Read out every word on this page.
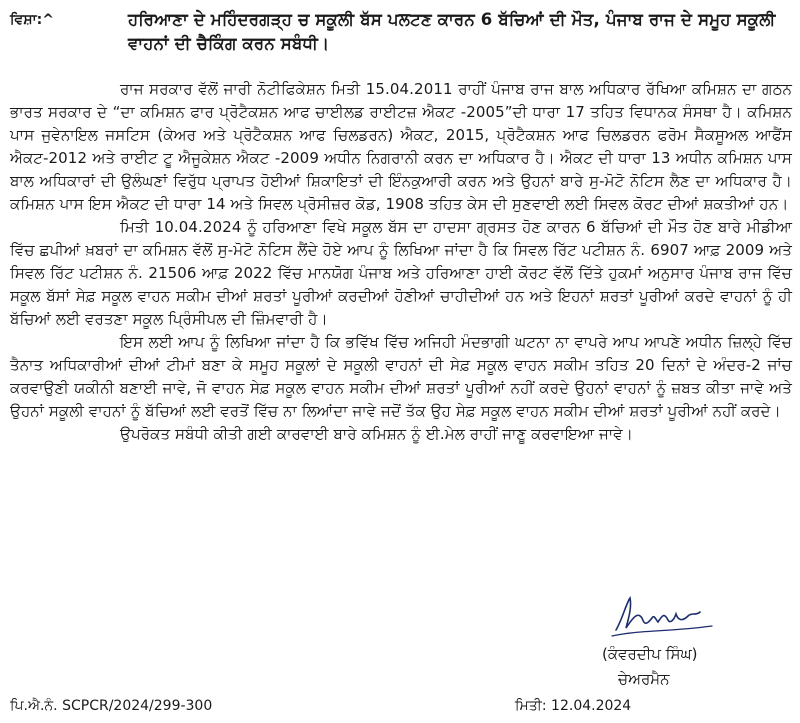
ਵਿਸ਼ਾ:^	ਹਰਿਆਣਾ ਦੇ ਮਹਿੰਦਰਗੜ੍ਹ ਚ ਸਕੂਲੀ ਬੱਸ ਪਲਟਣ ਕਾਰਨ 6 ਬੱਚਿਆਂ ਦੀ ਮੌਤ, ਪੰਜਾਬ ਰਾਜ ਦੇ ਸਮੂਹ ਸਕੂਲੀ ਵਾਹਨਾਂ ਦੀ ਚੈਕਿੰਗ ਕਰਨ ਸਬੰਧੀ।

ਰਾਜ ਸਰਕਾਰ ਵੱਲੋਂ ਜਾਰੀ ਨੋਟੀਫਿਕੇਸ਼ਨ ਮਿਤੀ 15.04.2011 ਰਾਹੀਂ ਪੰਜਾਬ ਰਾਜ ਬਾਲ ਅਧਿਕਾਰ ਰੱਖਿਆ ਕਮਿਸ਼ਨ ਦਾ ਗਠਨ ਭਾਰਤ ਸਰਕਾਰ ਦੇ “ਦਾ ਕਮਿਸ਼ਨ ਫਾਰ ਪ੍ਰੋਟੈਕਸ਼ਨ ਆਫ ਚਾਈਲਡ ਰਾਈਟਜ਼ ਐਕਟ -2005”ਦੀ ਧਾਰਾ 17 ਤਹਿਤ ਵਿਧਾਨਕ ਸੰਸਥਾ ਹੈ। ਕਮਿਸ਼ਨ ਪਾਸ ਜੁਵੇਨਾਇਲ ਜਸਟਿਸ (ਕੇਅਰ ਅਤੇ ਪ੍ਰੋਟੈਕਸ਼ਨ ਆਫ ਚਿਲਡਰਨ) ਐਕਟ, 2015, ਪ੍ਰੋਟੈਕਸ਼ਨ ਆਫ ਚਿਲਡਰਨ ਫਰੋਮ ਸੈਕਸੂਅਲ ਆਫੈਂਸ ਐਕਟ-2012 ਅਤੇ ਰਾਈਟ ਟੂ ਐਜੂਕੇਸ਼ਨ ਐਕਟ -2009 ਅਧੀਨ ਨਿਗਰਾਨੀ ਕਰਨ ਦਾ ਅਧਿਕਾਰ ਹੈ। ਐਕਟ ਦੀ ਧਾਰਾ 13 ਅਧੀਨ ਕਮਿਸ਼ਨ ਪਾਸ ਬਾਲ ਅਧਿਕਾਰਾਂ ਦੀ ਉਲੰਘਣਾਂ ਵਿਰੁੱਧ ਪ੍ਰਾਪਤ ਹੋਈਆਂ ਸ਼ਿਕਾਇਤਾਂ ਦੀ ਇੰਨਕੁਆਰੀ ਕਰਨ ਅਤੇ ਉਹਨਾਂ ਬਾਰੇ ਸੁ-ਮੋਟੋ ਨੋਟਿਸ ਲੈਣ ਦਾ ਅਧਿਕਾਰ ਹੈ। ਕਮਿਸ਼ਨ ਪਾਸ ਇਸ ਐਕਟ ਦੀ ਧਾਰਾ 14 ਅਤੇ ਸਿਵਲ ਪ੍ਰੋਸੀਜ਼ਰ ਕੋਡ, 1908 ਤਹਿਤ ਕੇਸ ਦੀ ਸੁਣਵਾਈ ਲਈ ਸਿਵਲ ਕੋਰਟ ਦੀਆਂ ਸ਼ਕਤੀਆਂ ਹਨ।

ਮਿਤੀ 10.04.2024 ਨੂੰ ਹਰਿਆਣਾ ਵਿਖੇ ਸਕੂਲ ਬੱਸ ਦਾ ਹਾਦਸਾ ਗ੍ਰਸਤ ਹੋਣ ਕਾਰਨ 6 ਬੱਚਿਆਂ ਦੀ ਮੌਤ ਹੋਣ ਬਾਰੇ ਮੀਡੀਆ ਵਿੱਚ ਛਪੀਆਂ ਖ਼ਬਰਾਂ ਦਾ ਕਮਿਸ਼ਨ ਵੱਲੋਂ ਸੁ-ਮੋਟੋ ਨੋਟਿਸ ਲੈਂਦੇ ਹੋਏ ਆਪ ਨੂੰ ਲਿਖਿਆ ਜਾਂਦਾ ਹੈ ਕਿ ਸਿਵਲ ਰਿੱਟ ਪਟੀਸ਼ਨ ਨੰ. 6907 ਆਫ਼ 2009 ਅਤੇ ਸਿਵਲ ਰਿੱਟ ਪਟੀਸ਼ਨ ਨੰ. 21506 ਆਫ਼ 2022 ਵਿੱਚ ਮਾਨਯੋਗ ਪੰਜਾਬ ਅਤੇ ਹਰਿਆਣਾ ਹਾਈ ਕੋਰਟ ਵੱਲੋਂ ਦਿੱਤੇ ਹੁਕਮਾਂ ਅਨੁਸਾਰ ਪੰਜਾਬ ਰਾਜ ਵਿੱਚ ਸਕੂਲ ਬੱਸਾਂ ਸੇਫ਼ ਸਕੂਲ ਵਾਹਨ ਸਕੀਮ ਦੀਆਂ ਸ਼ਰਤਾਂ ਪੂਰੀਆਂ ਕਰਦੀਆਂ ਹੋਣੀਆਂ ਚਾਹੀਦੀਆਂ ਹਨ ਅਤੇ ਇਹਨਾਂ ਸ਼ਰਤਾਂ ਪੂਰੀਆਂ ਕਰਦੇ ਵਾਹਨਾਂ ਨੂੰ ਹੀ ਬੱਚਿਆਂ ਲਈ ਵਰਤਣਾ ਸਕੂਲ ਪ੍ਰਿੰਸੀਪਲ ਦੀ ਜ਼ਿੰਮਵਾਰੀ ਹੈ।

ਇਸ ਲਈ ਆਪ ਨੂੰ ਲਿਖਿਆ ਜਾਂਦਾ ਹੈ ਕਿ ਭਵਿੱਖ ਵਿੱਚ ਅਜਿਹੀ ਮੰਦਭਾਗੀ ਘਟਨਾ ਨਾ ਵਾਪਰੇ ਆਪ ਆਪਣੇ ਅਧੀਨ ਜ਼ਿਲ੍ਹੇ ਵਿੱਚ ਤੈਨਾਤ ਅਧਿਕਾਰੀਆਂ ਦੀਆਂ ਟੀਮਾਂ ਬਣਾ ਕੇ ਸਮੂਹ ਸਕੂਲਾਂ ਦੇ ਸਕੂਲੀ ਵਾਹਨਾਂ ਦੀ ਸੇਫ਼ ਸਕੂਲ ਵਾਹਨ ਸਕੀਮ ਤਹਿਤ 20 ਦਿਨਾਂ ਦੇ ਅੰਦਰ-2 ਜਾਂਚ ਕਰਵਾਉਣੀ ਯਕੀਨੀ ਬਣਾਈ ਜਾਵੇ, ਜੋ ਵਾਹਨ ਸੇਫ਼ ਸਕੂਲ ਵਾਹਨ ਸਕੀਮ ਦੀਆਂ ਸ਼ਰਤਾਂ ਪੂਰੀਆਂ ਨਹੀਂ ਕਰਦੇ ਉਹਨਾਂ ਵਾਹਨਾਂ ਨੂੰ ਜ਼ਬਤ ਕੀਤਾ ਜਾਵੇ ਅਤੇ ਉਹਨਾਂ ਸਕੂਲੀ ਵਾਹਨਾਂ ਨੂੰ ਬੱਚਿਆਂ ਲਈ ਵਰਤੋਂ ਵਿੱਚ ਨਾ ਲਿਆਂਦਾ ਜਾਵੇ ਜਦੋਂ ਤੱਕ ਉਹ ਸੇਫ਼ ਸਕੂਲ ਵਾਹਨ ਸਕੀਮ ਦੀਆਂ ਸ਼ਰਤਾਂ ਪੂਰੀਆਂ ਨਹੀਂ ਕਰਦੇ।

ਉਪਰੋਕਤ ਸਬੰਧੀ ਕੀਤੀ ਗਈ ਕਾਰਵਾਈ ਬਾਰੇ ਕਮਿਸ਼ਨ ਨੂੰ ਈ.ਮੇਲ ਰਾਹੀਂ ਜਾਣੂ ਕਰਵਾਇਆ ਜਾਵੇ।

(ਕੰਵਰਦੀਪ ਸਿੰਘ)
ਚੇਅਰਮੈਨ
ਪਿ.ਐ.ਨੰ. SCPCR/2024/299-300	ਮਿਤੀ: 12.04.2024
